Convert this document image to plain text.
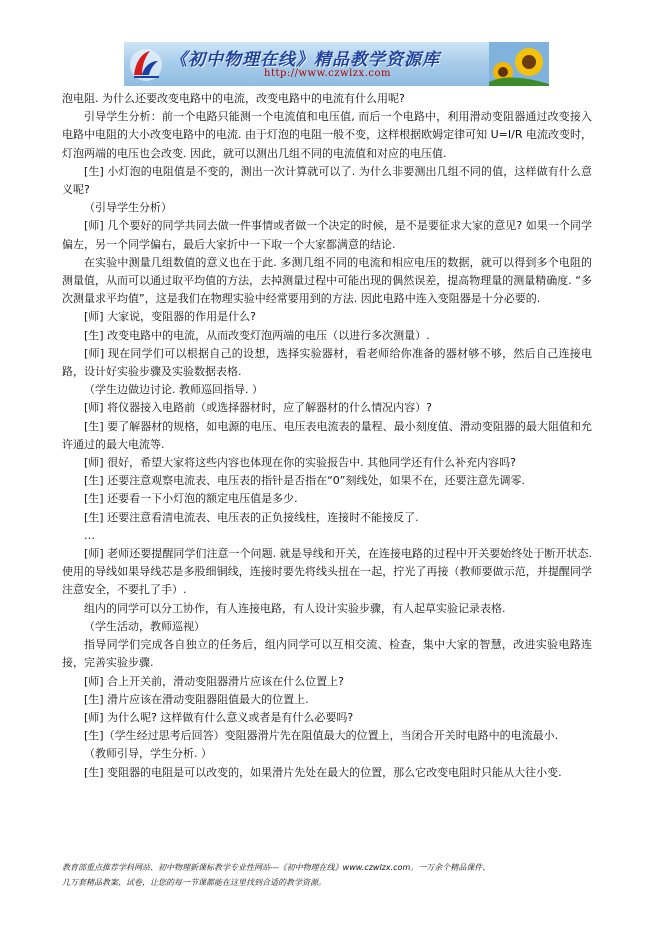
《初中物理在线》精品教学资源库
http://www.czwlzx.com

泡电阻. 为什么还要改变电路中的电流，改变电路中的电流有什么用呢?

引导学生分析：前一个电路只能测一个电流值和电压值, 而后一个电路中，利用滑动变阻器通过改变接入电路中电阻的大小改变电路中的电流. 由于灯泡的电阻一般不变，这样根据欧姆定律可知 U=I/R 电流改变时，灯泡两端的电压也会改变. 因此，就可以测出几组不同的电流值和对应的电压值.

[生] 小灯泡的电阻值是不变的，测出一次计算就可以了. 为什么非要测出几组不同的值，这样做有什么意义呢?

（引导学生分析）

[师] 几个要好的同学共同去做一件事情或者做一个决定的时候，是不是要征求大家的意见? 如果一个同学偏左，另一个同学偏右，最后大家折中一下取一个大家都满意的结论.

在实验中测量几组数值的意义也在于此. 多测几组不同的电流和相应电压的数据，就可以得到多个电阻的测量值，从而可以通过取平均值的方法，去掉测量过程中可能出现的偶然误差，提高物理量的测量精确度. “多次测量求平均值”，这是我们在物理实验中经常要用到的方法. 因此电路中连入变阻器是十分必要的.

[师] 大家说，变阻器的作用是什么?

[生] 改变电路中的电流，从而改变灯泡两端的电压（以进行多次测量）.

[师] 现在同学们可以根据自己的设想，选择实验器材，看老师给你准备的器材够不够，然后自己连接电路，设计好实验步骤及实验数据表格.

（学生边做边讨论. 教师巡回指导. ）

[师] 将仪器接入电路前（或选择器材时，应了解器材的什么情况内容）?

[生] 要了解器材的规格，如电源的电压、电压表电流表的量程、最小刻度值、滑动变阻器的最大阻值和允许通过的最大电流等.

[师] 很好，希望大家将这些内容也体现在你的实验报告中. 其他同学还有什么补充内容吗?

[生] 还要注意观察电流表、电压表的指针是否指在“0”刻线处，如果不在，还要注意先调零.

[生] 还要看一下小灯泡的额定电压值是多少.

[生] 还要注意看清电流表、电压表的正负接线柱，连接时不能接反了.

…

[师] 老师还要提醒同学们注意一个问题. 就是导线和开关，在连接电路的过程中开关要始终处于断开状态. 使用的导线如果导线芯是多股细铜线，连接时要先将线头扭在一起，拧光了再接（教师要做示范，并提醒同学注意安全，不要扎了手）.

组内的同学可以分工协作，有人连接电路，有人设计实验步骤，有人起草实验记录表格.

（学生活动，教师巡视）

指导同学们完成各自独立的任务后，组内同学可以互相交流、检查，集中大家的智慧，改进实验电路连接，完善实验步骤.

[师] 合上开关前，滑动变阻器滑片应该在什么位置上?

[生] 滑片应该在滑动变阻器阻值最大的位置上.

[师] 为什么呢? 这样做有什么意义或者是有什么必要吗?

[生]（学生经过思考后回答）变阻器滑片先在阻值最大的位置上，当闭合开关时电路中的电流最小.

（教师引导，学生分析. ）

[生] 变阻器的电阻是可以改变的，如果滑片先处在最大的位置，那么它改变电阻时只能从大往小变.

教育部重点推荐学科网站、初中物理新课标教学专业性网站---《初中物理在线》www.czwlzx.com。一万余个精品课件、
几万套精品教案、试卷，让您的每一节课都能在这里找到合适的教学资源。
